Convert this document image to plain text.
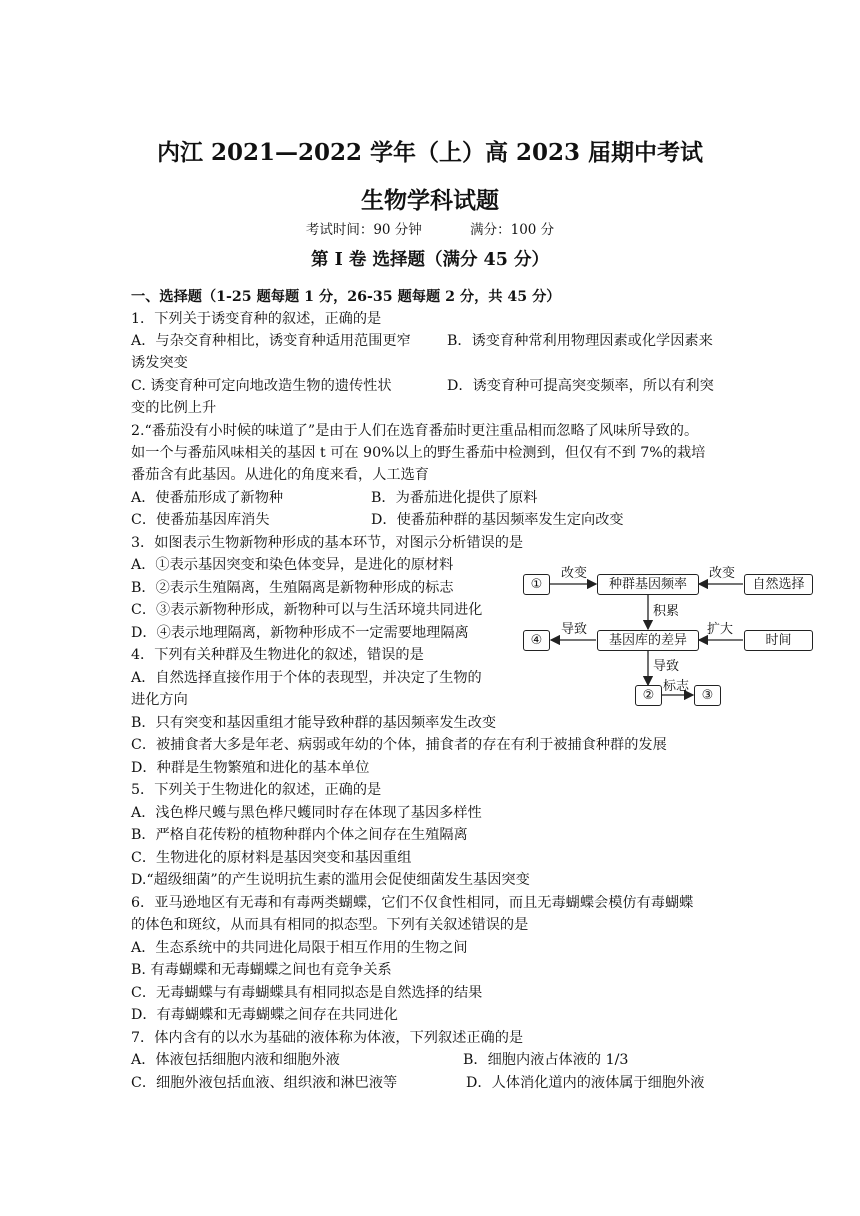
内江 2021—2022 学年（上）高 2023 届期中考试
生物学科试题
考试时间：90 分钟	满分：100 分
第 I 卷 选择题（满分 45 分）
一、选择题（1-25 题每题 1 分，26-35 题每题 2 分，共 45 分）
1．下列关于诱变育种的叙述，正确的是
A．与杂交育种相比，诱变育种适用范围更窄	B．诱变育种常利用物理因素或化学因素来
诱发突变
C. 诱变育种可定向地改造生物的遗传性状	D．诱变育种可提高突变频率，所以有利突
变的比例上升
2.“番茄没有小时候的味道了”是由于人们在选育番茄时更注重品相而忽略了风味所导致的。
如一个与番茄风味相关的基因 t 可在 90%以上的野生番茄中检测到，但仅有不到 7%的栽培
番茄含有此基因。从进化的角度来看，人工选育
A．使番茄形成了新物种	B．为番茄进化提供了原料
C．使番茄基因库消失	D．使番茄种群的基因频率发生定向改变
3．如图表示生物新物种形成的基本环节，对图示分析错误的是
A．①表示基因突变和染色体变异，是进化的原材料
B．②表示生殖隔离，生殖隔离是新物种形成的标志
C．③表示新物种形成，新物种可以与生活环境共同进化
D．④表示地理隔离，新物种形成不一定需要地理隔离
①	种群基因频率	自然选择
④	基因库的差异	时间
②	③
改变	改变
积累
导致	扩大
导致
标志
4．下列有关种群及生物进化的叙述，错误的是
A．自然选择直接作用于个体的表现型，并决定了生物的
进化方向
B．只有突变和基因重组才能导致种群的基因频率发生改变
C．被捕食者大多是年老、病弱或年幼的个体，捕食者的存在有利于被捕食种群的发展
D．种群是生物繁殖和进化的基本单位
5．下列关于生物进化的叙述，正确的是
A．浅色桦尺蠖与黑色桦尺蠖同时存在体现了基因多样性
B．严格自花传粉的植物种群内个体之间存在生殖隔离
C．生物进化的原材料是基因突变和基因重组
D.“超级细菌”的产生说明抗生素的滥用会促使细菌发生基因突变
6．亚马逊地区有无毒和有毒两类蝴蝶，它们不仅食性相同，而且无毒蝴蝶会模仿有毒蝴蝶
的体色和斑纹，从而具有相同的拟态型。下列有关叙述错误的是
A．生态系统中的共同进化局限于相互作用的生物之间
B. 有毒蝴蝶和无毒蝴蝶之间也有竞争关系
C．无毒蝴蝶与有毒蝴蝶具有相同拟态是自然选择的结果
D．有毒蝴蝶和无毒蝴蝶之间存在共同进化
7．体内含有的以水为基础的液体称为体液，下列叙述正确的是
A．体液包括细胞内液和细胞外液	B．细胞内液占体液的 1/3
C．细胞外液包括血液、组织液和淋巴液等	D．人体消化道内的液体属于细胞外液
